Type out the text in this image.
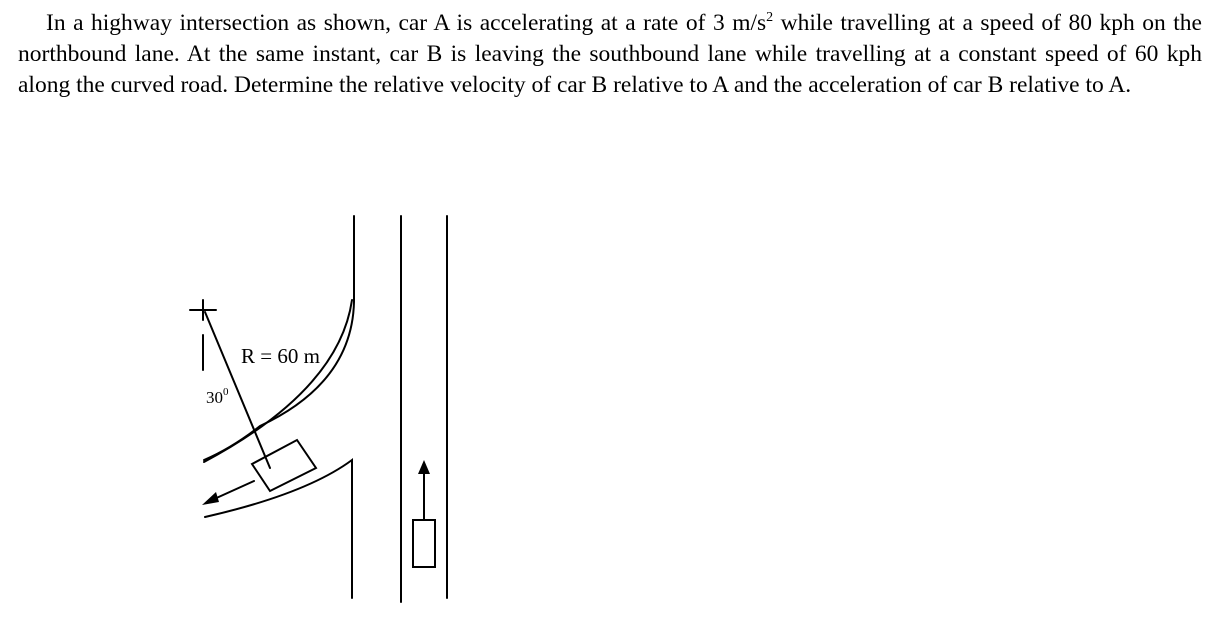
In a highway intersection as shown, car A is accelerating at a rate of 3 $m/s^2$ while travelling at a speed of 80 kph on the northbound lane. At the same instant, car B is leaving the southbound lane while travelling at a constant speed of 60 kph along the curved road. Determine the relative velocity of car B relative to A and the acceleration of car B relative to A.

R = 60 m
$30^0$
